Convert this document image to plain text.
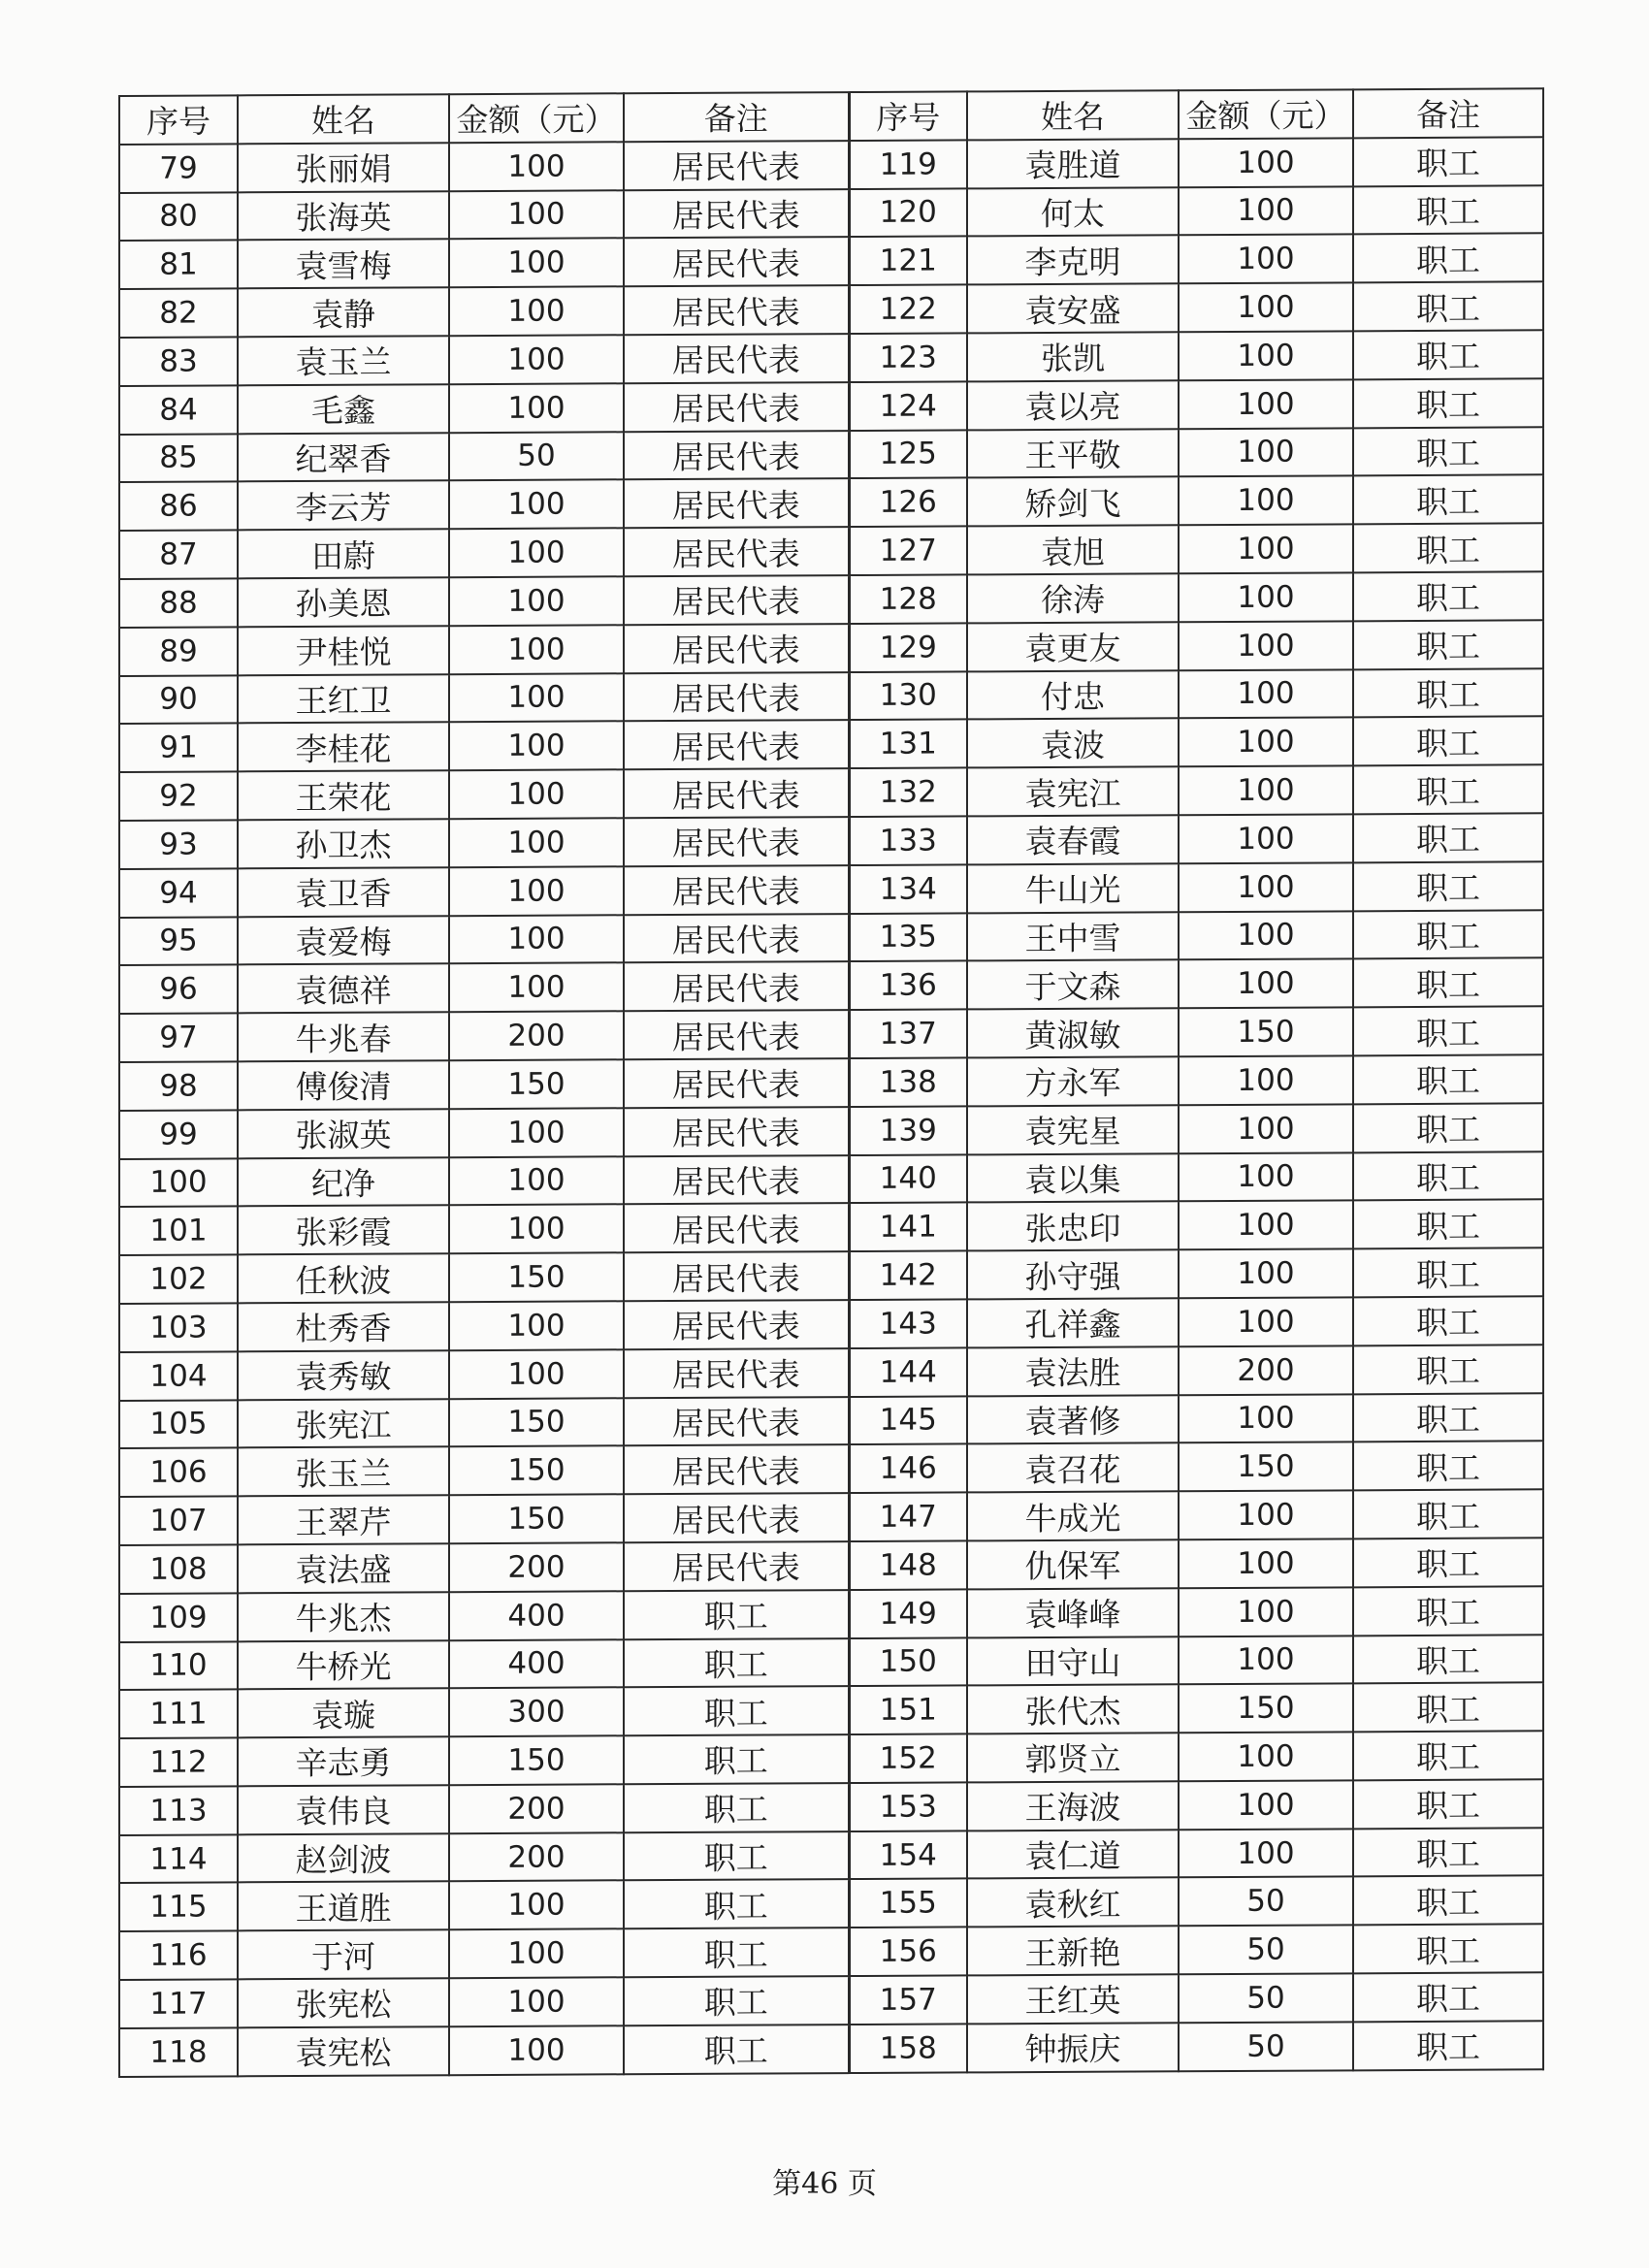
序号	姓名	金额（元）	备注	序号	姓名	金额（元）	备注
79	张丽娟	100	居民代表	119	袁胜道	100	职工
80	张海英	100	居民代表	120	何太	100	职工
81	袁雪梅	100	居民代表	121	李克明	100	职工
82	袁静	100	居民代表	122	袁安盛	100	职工
83	袁玉兰	100	居民代表	123	张凯	100	职工
84	毛鑫	100	居民代表	124	袁以亮	100	职工
85	纪翠香	50	居民代表	125	王平敬	100	职工
86	李云芳	100	居民代表	126	矫剑飞	100	职工
87	田蔚	100	居民代表	127	袁旭	100	职工
88	孙美恩	100	居民代表	128	徐涛	100	职工
89	尹桂悦	100	居民代表	129	袁更友	100	职工
90	王红卫	100	居民代表	130	付忠	100	职工
91	李桂花	100	居民代表	131	袁波	100	职工
92	王荣花	100	居民代表	132	袁宪江	100	职工
93	孙卫杰	100	居民代表	133	袁春霞	100	职工
94	袁卫香	100	居民代表	134	牛山光	100	职工
95	袁爱梅	100	居民代表	135	王中雪	100	职工
96	袁德祥	100	居民代表	136	于文森	100	职工
97	牛兆春	200	居民代表	137	黄淑敏	150	职工
98	傅俊清	150	居民代表	138	方永军	100	职工
99	张淑英	100	居民代表	139	袁宪星	100	职工
100	纪净	100	居民代表	140	袁以集	100	职工
101	张彩霞	100	居民代表	141	张忠印	100	职工
102	任秋波	150	居民代表	142	孙守强	100	职工
103	杜秀香	100	居民代表	143	孔祥鑫	100	职工
104	袁秀敏	100	居民代表	144	袁法胜	200	职工
105	张宪江	150	居民代表	145	袁著修	100	职工
106	张玉兰	150	居民代表	146	袁召花	150	职工
107	王翠芹	150	居民代表	147	牛成光	100	职工
108	袁法盛	200	居民代表	148	仇保军	100	职工
109	牛兆杰	400	职工	149	袁峰峰	100	职工
110	牛桥光	400	职工	150	田守山	100	职工
111	袁璇	300	职工	151	张代杰	150	职工
112	辛志勇	150	职工	152	郭贤立	100	职工
113	袁伟良	200	职工	153	王海波	100	职工
114	赵剑波	200	职工	154	袁仁道	100	职工
115	王道胜	100	职工	155	袁秋红	50	职工
116	于河	100	职工	156	王新艳	50	职工
117	张宪松	100	职工	157	王红英	50	职工
118	袁宪松	100	职工	158	钟振庆	50	职工
第46 页
